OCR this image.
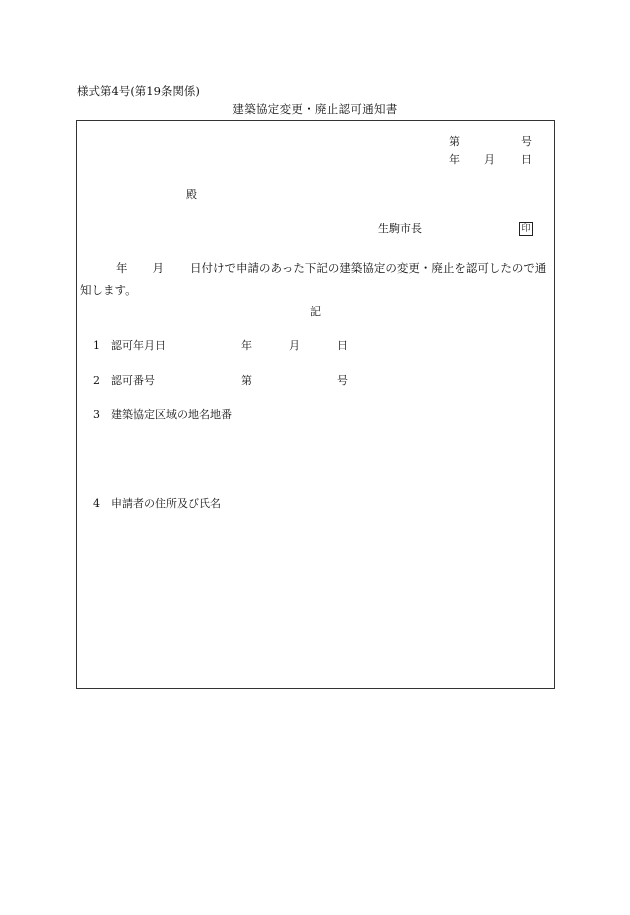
様式第4号(第19条関係)
建築協定変更・廃止認可通知書
第	号
年 月 日
殿
生駒市長	印
年 月 日付けで申請のあった下記の建築協定の変更・廃止を認可したので通
知します。
記
1 認可年月日	年	月	日
2 認可番号	第	号
3 建築協定区域の地名地番
4 申請者の住所及び氏名
